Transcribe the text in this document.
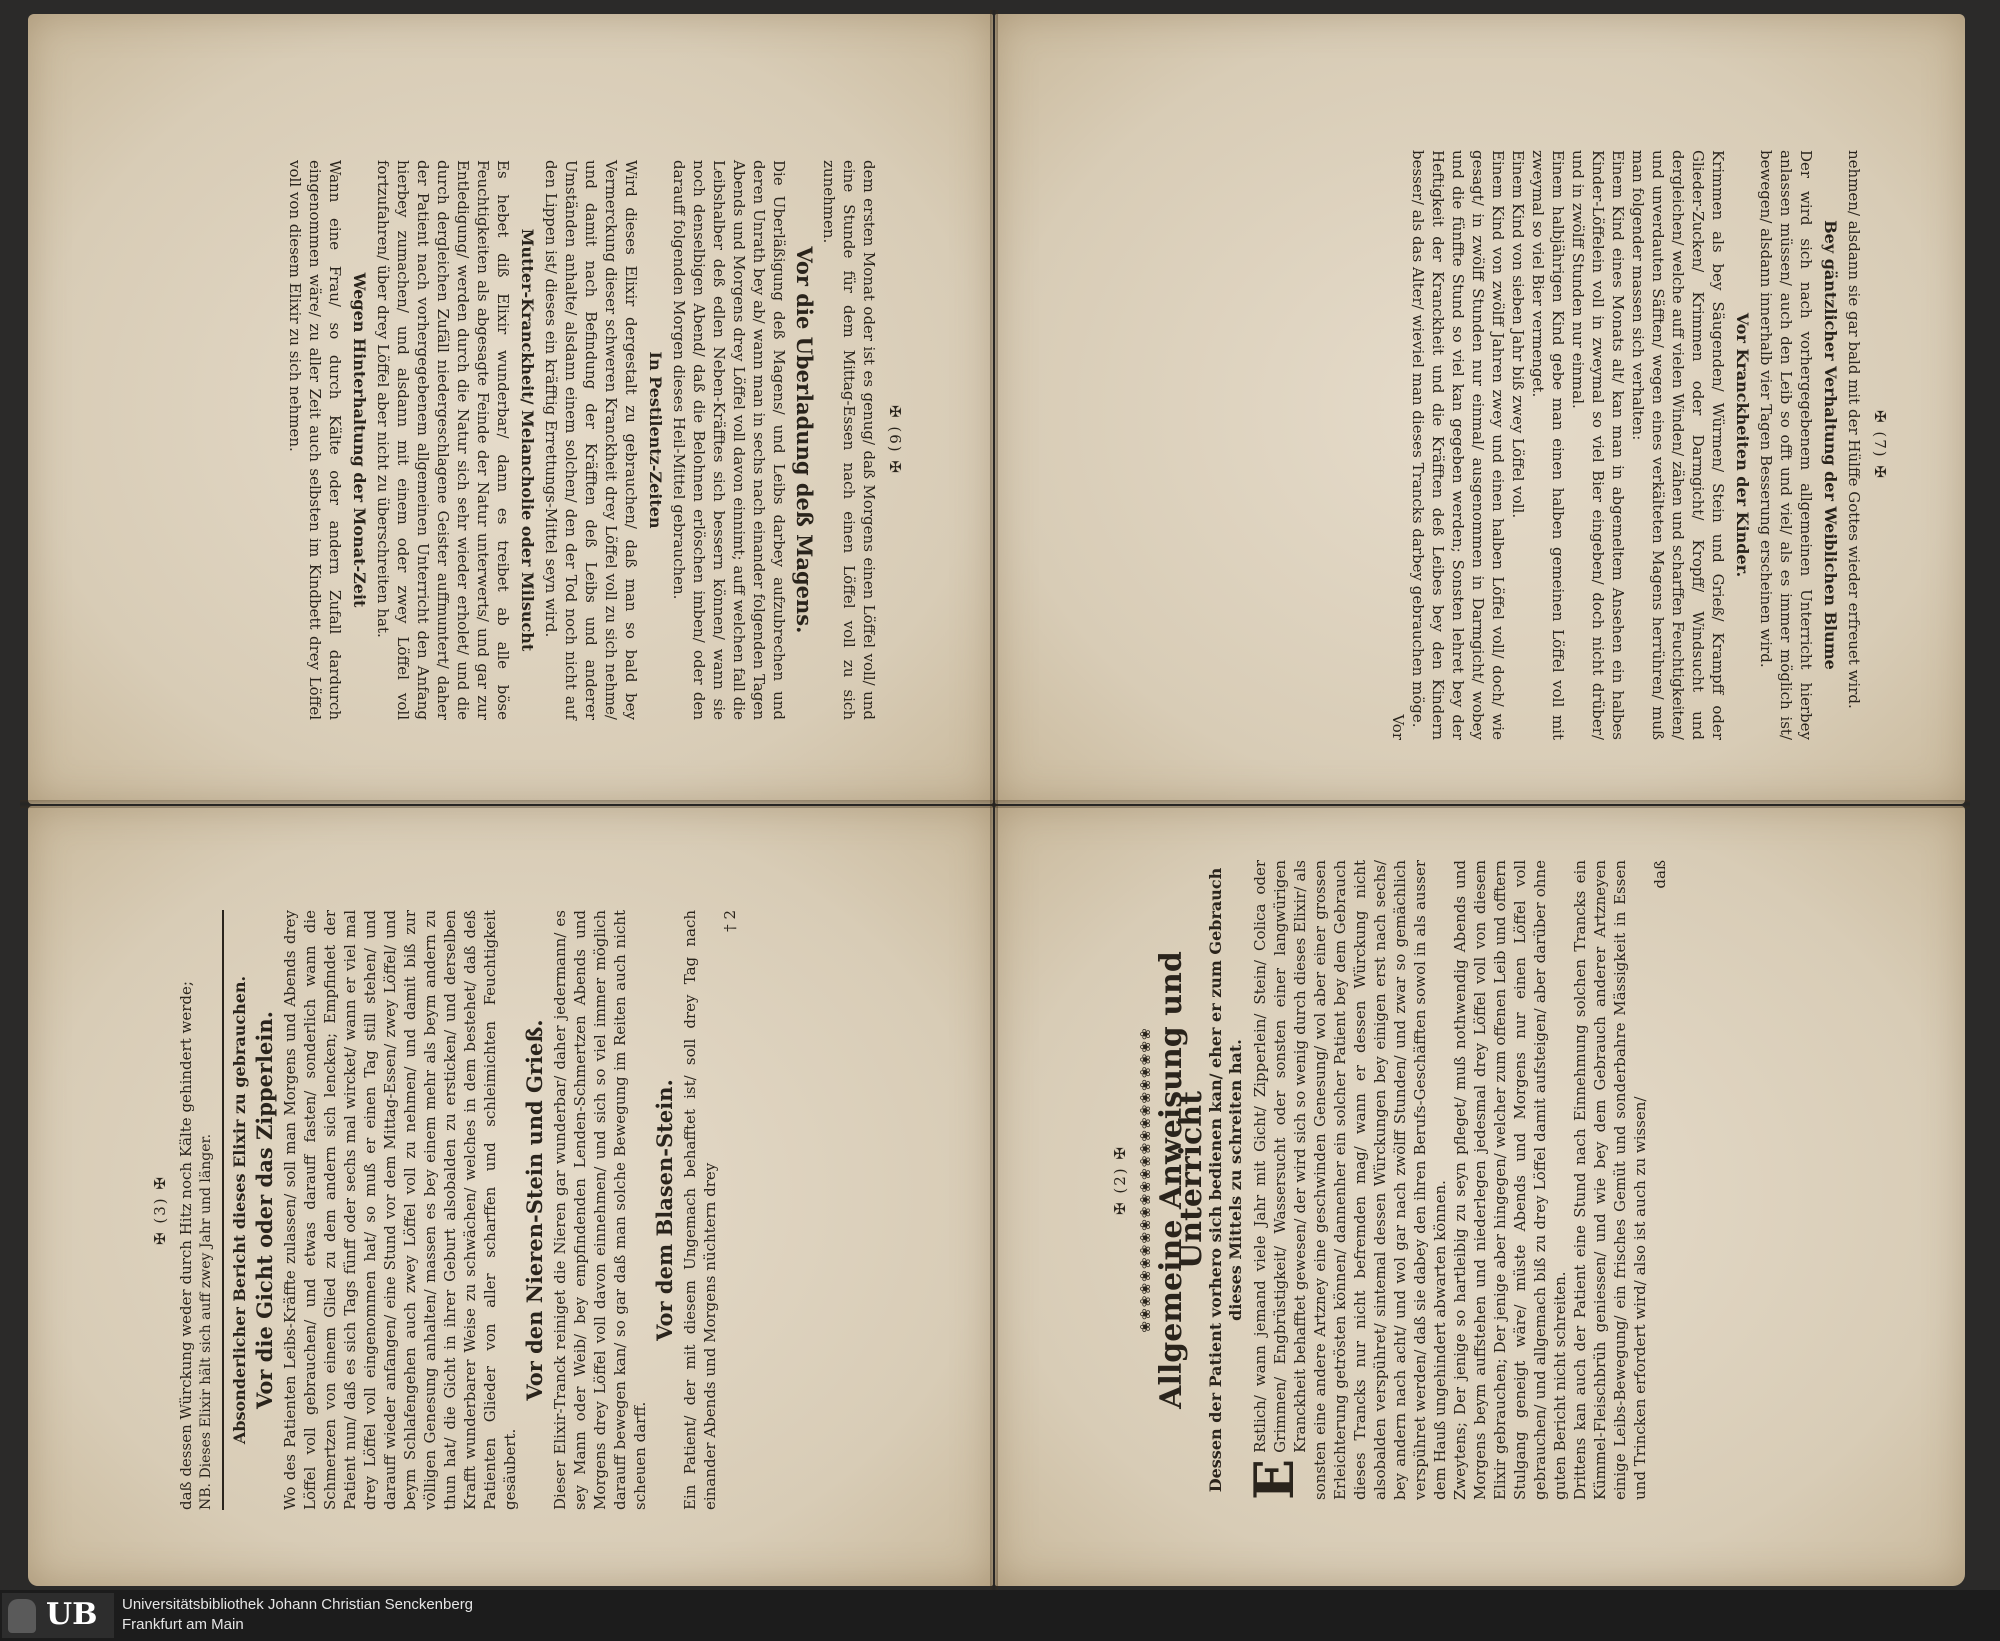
✠ (6) ✠

dem ersten Monat oder ist es genug/ daß Morgens einen Löffel voll/ und eine Stunde für dem Mittag-Essen nach einen Löffel voll zu sich zunehmen.

Vor die Uberladung deß Magens.

Die Uberläßigung deß Magens/ und Leibs darbey aufzubrechen und deren Unrath bey ab/ wann man in sechs nach einander folgenden Tagen Abends und Morgens drey Löffel voll davon einnimt; auff welchen fall die Leibshalber deß edlen Neben-Kräfftes sich bessern können/ wann sie noch denselbigen Abend/ daß die Belohnen erlöschen imben/ oder den darauff folgenden Morgen dieses Heil-Mittel gebrauchen.

In Pestilentz-Zeiten

Wird dieses Elixir dergestalt zu gebrauchen/ daß man so bald bey Vermerckung dieser schweren Kranckheit drey Löffel voll zu sich nehme/ und damit nach Befindung der Kräfften deß Leibs und anderer Umständen anhalte/ alsdann einem solchen/ den der Tod noch nicht auf den Lippen ist/ dieses ein kräfftig Errettungs-Mittel seyn wird.

Mutter-Kranckheit/ Melancholie oder Milsucht

Es hebet diß Elixir wunderbar/ dann es treibet ab alle böse Feuchtigkeiten als abgesagte Feinde der Natur unterwerts/ und gar zur Entledigung/ werden durch die Natur sich sehr wieder erholet/ und die durch dergleichen Zufäll niedergeschlagene Geister auffmuntert/ daher der Patient nach vorhergegebenem allgemeinen Unterricht den Anfang hierbey zumachen/ und alsdann mit einem oder zwey Löffel voll fortzufahren/ über drey Löffel aber nicht zu überschreiten hat.

Wegen Hinterhaltung der Monat-Zeit

Wann eine Frau/ so durch Kälte oder andern Zufall dardurch eingenommen wäre/ zu aller Zeit auch selbsten im Kindbett drey Löffel voll von diesem Elixir zu sich nehmen.	✠ (7) ✠

nehmen/ alsdann sie gar bald mit der Hülffe Gottes wieder erfreuet wird.

Bey gäntzlicher Verhaltung der Weiblichen Blume

Der wird sich nach vorhergegebenem allgemeinen Unterricht hierbey anlassen müssen/ auch den Leib so offt und viel/ als es immer möglich ist/ bewegen/ alsdann innerhalb vier Tagen Besserung erscheinen wird.

Vor Kranckheiten der Kinder.

Krimmen als bey Säugenden/ Würmen/ Stein und Grieß/ Krampff oder Glieder-Zucken/ Krimmen oder Darmgicht/ Kropff/ Windsucht und dergleichen/ welche auff vielen Winden/ zähen und scharffen Feuchtigkeiten/ und unverdauten Säfften/ wegen eines verkälteten Magens herrühren/ muß man folgender massen sich verhalten:

Einem Kind eines Monats alt/ kan man in abgemeltem Ansehen ein halbes Kinder-Löffelein voll in zweymal so viel Bier eingeben/ doch nicht drüber/ und in zwölff Stunden nur einmal.

Einem halbjährigen Kind gebe man einen halben gemeinen Löffel voll mit zweymal so viel Bier vermenget.

Einem Kind von sieben Jahr biß zwey Löffel voll.

Einem Kind von zwölff Jahren zwey und einen halben Löffel voll/ doch/ wie gesagt/ in zwölff Stunden nur einmal/ ausgenommen in Darmgicht/ wobey und die fünffte Stund so viel kan gegeben werden; Sonsten lehret bey der Heftigkeit der Kranckheit und die Kräfften deß Leibes bey den Kindern besser/ als das Alter/ wieviel man dieses Trancks darbey gebrauchen möge.

Vor

✠ (3) ✠ daß dessen Würckung weder durch Hitz noch Kälte gehindert werde; NB. Dieses Elixir hält sich auff zwey Jahr und länger. Absonderlicher Bericht dieses Elixir zu gebrauchen. Vor die Gicht oder das Zipperlein. Wo des Patienten Leibs-Kräffte zulassen/ soll man Morgens und Abends drey Löffel voll gebrauchen/ und etwas darauff fasten/ sonderlich wann die Schmertzen von einem Glied zu dem andern sich lencken; Empfindet der Patient nun/ daß es sich Tags fünff oder sechs mal wircket/ wann er viel mal drey Löffel voll eingenommen hat/ so muß er einen Tag still stehen/ und darauff wieder anfangen/ eine Stund vor dem Mittag-Essen/ zwey Löffel/ und beym Schlafengehen auch zwey Löffel voll zu nehmen/ und damit biß zur völligen Genesung anhalten/ massen es bey einem mehr als beym andern zu thun hat/ die Gicht in ihrer Geburt alsobalden zu ersticken/ und derselben Krafft wunderbarer Weise zu schwächen/ welches in dem bestehet/ daß deß Patienten Glieder von aller scharffen und schleimichten Feuchtigkeit gesäubert.

Vor den Nieren-Stein und Grieß. Dieser Elixir-Tranck reiniget die Nieren gar wunderbar/ daher jedermann/ es sey Mann oder Weib/ bey empfindenden Lenden-Schmertzen Abends und Morgens drey Löffel voll davon einnehmen/ und sich so viel immer möglich darauff bewegen kan/ so gar daß man solche Bewegung im Reiten auch nicht scheuen darff.

Vor dem Blasen-Stein. Ein Patient/ der mit diesem Ungemach behafftet ist/ soll drey Tag nach einander Abends und Morgens nüchtern drey

† 2

✠ (2) ✠ ❀❀❀❀❀❀❀❀❀❀❀❀❀❀❀❀❀❀❀❀❀❀❀❀ Allgemeine Anweisung und Unterricht
Dessen der Patient vorhero sich bedienen kan/ eher er zum Gebrauch dieses Mittels zu schreiten hat.

E
Rstlich/ wann jemand viele Jahr mit Gicht/ Zipperlein/ Stein/ Colica oder Grimmen/ Engbrüstigkeit/ Wassersucht oder sonsten einer langwürigen Kranckheit behafftet gewesen/ der wird sich so wenig durch dieses Elixir/ als sonsten eine andere Artzney eine geschwinden Genesung/ wol aber einer grossen Erleichterung getrösten können/ dannenher ein solcher Patient bey dem Gebrauch dieses Trancks nur nicht befremden mag/ wann er dessen Würckung nicht alsobalden verspühret/ sintemal dessen Würckungen bey einigen erst nach sechs/ bey andern nach acht/ und wol gar nach zwölff Stunden/ und zwar so gemächlich verspühret werden/ daß sie dabey den ihren Berufs-Geschäfften sowol in als ausser dem Hauß ungehindert abwarten können. Zweytens; Der jenige so hartleibig zu seyn pfleget/ muß nothwendig Abends und Morgens beym auffstehen und niederlegen jedesmal drey Löffel voll von diesem Elixir gebrauchen; Der jenige aber hingegen/ welcher zum offenen Leib und offtern Stulgang geneigt wäre/ müste Abends und Morgens nur einen Löffel voll gebrauchen/ und allgemach biß zu drey Löffel damit aufsteigen/ aber darüber ohne guten Bericht nicht schreiten. Drittens kan auch der Patient eine Stund nach Einnehmung solchen Trancks ein Kümmel-Fleischbrüh geniessen/ und wie bey dem Gebrauch anderer Artzneyen einige Leibs-Bewegung/ ein frisches Gemüt und sonderbahre Mässigkeit in Essen und Trincken erfordert wird/ also ist auch zu wissen/

daß

UB Universitätsbibliothek Johann Christian Senckenberg
Frankfurt am Main
